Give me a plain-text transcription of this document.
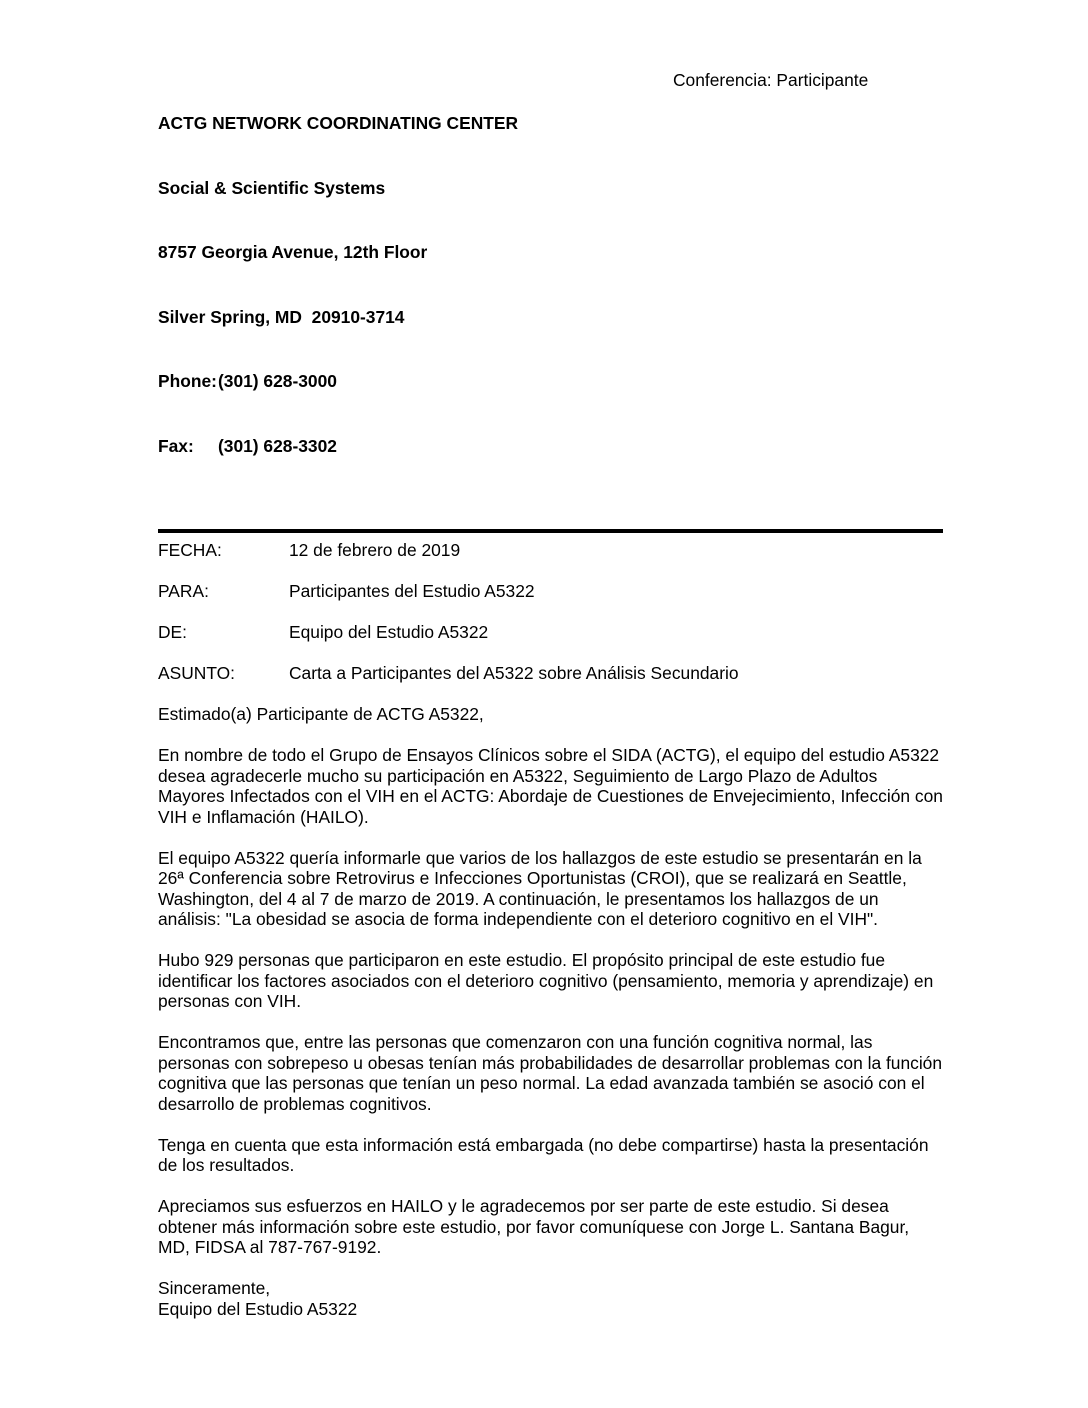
ACTG NETWORK COORDINATING CENTER

Social & Scientific Systems

8757 Georgia Avenue, 12th Floor

Silver Spring, MD  20910-3714

Phone:(301) 628-3000

Fax: (301) 628-3302

Conferencia: Participante
FECHA:	12 de febrero de 2019
PARA:	Participantes del Estudio A5322
DE:	Equipo del Estudio A5322
ASUNTO:	Carta a Participantes del A5322 sobre Análisis Secundario

Estimado(a) Participante de ACTG A5322,

En nombre de todo el Grupo de Ensayos Clínicos sobre el SIDA (ACTG), el equipo del estudio A5322 desea agradecerle mucho su participación en A5322, Seguimiento de Largo Plazo de Adultos Mayores Infectados con el VIH en el ACTG: Abordaje de Cuestiones de Envejecimiento, Infección con VIH e Inflamación (HAILO).

El equipo A5322 quería informarle que varios de los hallazgos de este estudio se presentarán en la 26ª Conferencia sobre Retrovirus e Infecciones Oportunistas (CROI), que se realizará en Seattle, Washington, del 4 al 7 de marzo de 2019. A continuación, le presentamos los hallazgos de un análisis: "La obesidad se asocia de forma independiente con el deterioro cognitivo en el VIH".

Hubo 929 personas que participaron en este estudio. El propósito principal de este estudio fue identificar los factores asociados con el deterioro cognitivo (pensamiento, memoria y aprendizaje) en personas con VIH.

Encontramos que, entre las personas que comenzaron con una función cognitiva normal, las personas con sobrepeso u obesas tenían más probabilidades de desarrollar problemas con la función cognitiva que las personas que tenían un peso normal. La edad avanzada también se asoció con el desarrollo de problemas cognitivos.

Tenga en cuenta que esta información está embargada (no debe compartirse) hasta la presentación de los resultados.

Apreciamos sus esfuerzos en HAILO y le agradecemos por ser parte de este estudio. Si desea obtener más información sobre este estudio, por favor comuníquese con Jorge L. Santana Bagur, MD, FIDSA al 787-767-9192.

Sinceramente,
Equipo del Estudio A5322
